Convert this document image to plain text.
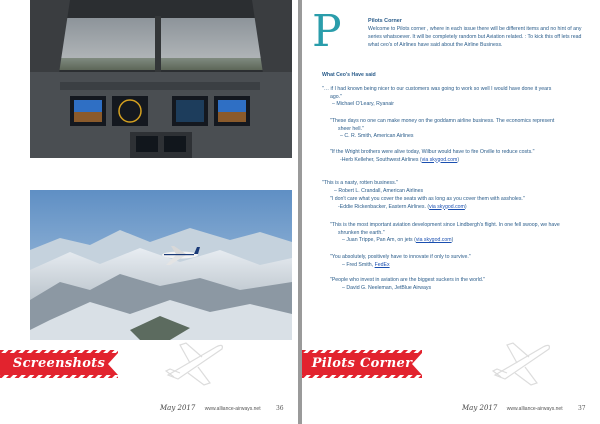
Screenshots
May 2017 www.alliance-airways.net	36
P	Pilots Corner

Welcome to Pilots corner , where in each issue there will be different items and no hint of any series whatsoever. It will be completely random but Aviation related. : To kick this off lets read what ceo's of Airlines have said about the Airline Business.

What Ceo's Have said
"… if I had known being nicer to our customers was going to work so well I would have done it years ago."
– Michael O'Leary, Ryanair
"These days no one can make money on the goddamn airline business. The economics represent sheer hell."
– C. R. Smith, American Airlines
"If the Wright brothers were alive today, Wilbur would have to fire Orville to reduce costs."
-Herb Kelleher, Southwest Airlines (via skygod.com)
"This is a nasty, rotten business."
– Robert L. Crandall, American Airlines
"I don't care what you cover the seats with as long as you cover them with assholes."
-Eddie Rickenbacker, Eastern Airlines. (via skygod.com)
"This is the most important aviation development since Lindbergh's flight. In one fell swoop, we have shrunken the earth."
– Juan Trippe, Pan Am, on jets (via skygod.com)
"You absolutely, positively have to innovate if only to survive."
– Fred Smith, FedEx
"People who invest in aviation are the biggest suckers in the world."
– David G. Neeleman, JetBlue Airways
Pilots Corner
May 2017 www.alliance-airways.net	37
